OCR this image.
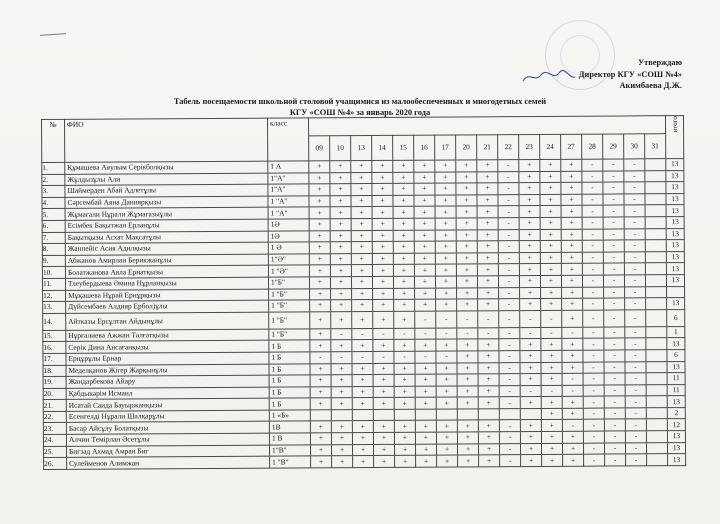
Утверждаю
Директор КГУ «СОШ №4»
Акимбаева Д.Ж.
Табель посещаемости школьной столовой учащимися из малообеспеченных и многодетных семей
КГУ «СОШ №4» за январь 2020 года
№	ФИО	класс																		итого

			09	10	13	14	15	16	17	20	21	22	23	24	27	28	29	30	31	
1.	Құмашева Аяулым Серікболқызы	1 А	+	+	+	+	+	+	+	+	+	-	+	+	+	-	-	-		13
2.	Жұлдызұлы Али	1"А"	+	+	+	+	+	+	+	+	+	-	+	+	+	-	-	-		13
3.	Шаймерден Абай Адлетұлы	1"А"	+	+	+	+	+	+	+	+	+	-	+	+	+	-	-	-		13
4.	Сәрсембай Аяна Даниярқызы	1 "А"	+	+	+	+	+	+	+	+	+	-	+	+	+	-	-	-		13
5.	Жұмағали Нұрали Жұмағазыұлы	1 "А"	+	+	+	+	+	+	+	+	+	-	+	+	+	-	-	-		13
6.	Есімбек Бақытжан Ерланұлы	1Ә	+	+	+	+	+	+	+	+	+	-	+	+	+	-	-	-		13
7.	Бақытқызы Асхат Мақсатұлы	1Ә	+	+	+	+	+	+	+	+	+	-	+	+	+	-	-	-		13
8.	Жанпейіс Асия Адилқызы	1 Ә	+	+	+	+	+	+	+	+	+	-	+	+	+	-	-	-		13
9.	Абжанов Амирлан Берикжанұлы	1"Ә"	+	+	+	+	+	+	+	+	+	-	+	+	+	-	-	-		13
10.	Болатжанова Аяла Ернатқызы	1 "Ә"	+	+	+	+	+	+	+	+	+	-	+	+	+	-	-	-		13
11.	Тлеубердыева Әмина Нұрланқызы	1"Б"	+	+	+	+	+	+	+	+	+	-	+	+	+	-	-	-		13
12.	Мұқашева Нұрай Ернұрқызы	1 "Б"	+	+	+	+	+	+	+	+	+	-	+	+	+	-	-	-		
13.	Дүйсембаев Алдияр Ербол)ұлы	1 "Б"	+	+	+	+	+	+	+	+	+	-	+	+	+	-	-	-		13
14.	Айтказы Ерсұлтан Айдынұлы	1 "Б"	+	+	+	+	+	-	-	-	-	-	-	-	+	-	-	-		6
15.	Нұрғалиева Ажжан Талғатқызы	1 "Б"	+	-	-	-	-	-	-	-	-	-	-	-	-	-	-	-		1
16.	Серік Дина Ансағанқызы	1 Б	+	+	+	+	+	+	+	+	+	-	+	+	+	-	-	-		13
17.	Ерңұрұлы Ернар	1 Б	-	-	-	-	-	-	-	+	+	-	+	+	+	-	-	-		6
18.	Меделқанов Жігер Жарқынұлы	1 Б	+	+	+	+	+	+	+	+	+	-	+	+	+	-	-	-		13
19.	Жандарбекова Айару	1 Б	+	+	+	+	+	+	+	+	+	-	+	+	-	-	-	-		11
20.	Қабдыкәрім Исмаил	1 Б	+	+	+	+	+	+	+	+	+	-	-	-	-	-	-	-		11
21.	Исатай Саида Бауыржанқызы	1 Б	+	+	+	+	+	+	+	+	+	-	+	+	+	-	-	-		13
22.	Есенгелді Нұрали Шалқарұлы	1 «Б»												+	+	-	-	-		2
23.	Басар Айсұлу Болатқызы	1В	+	+	+	+	+	+	+	+	+	-	+	+	-	-	-	-		12
24.	Алчин Темірлан Әсетұлы	1 В	+	+	+	+	+	+	+	+	+	-	+	+	+	-	-	-		13
25.	Бигзад Ахмад Амран Биг	1"В"	+	+	+	+	+	+	+	+	+	-	+	+	+	-	-	-		13
26.	Сулейменов Алимжан	1 "В"	+	+	+	+	+	+	+	+	+	-	+	+	+	-	-	-		13
